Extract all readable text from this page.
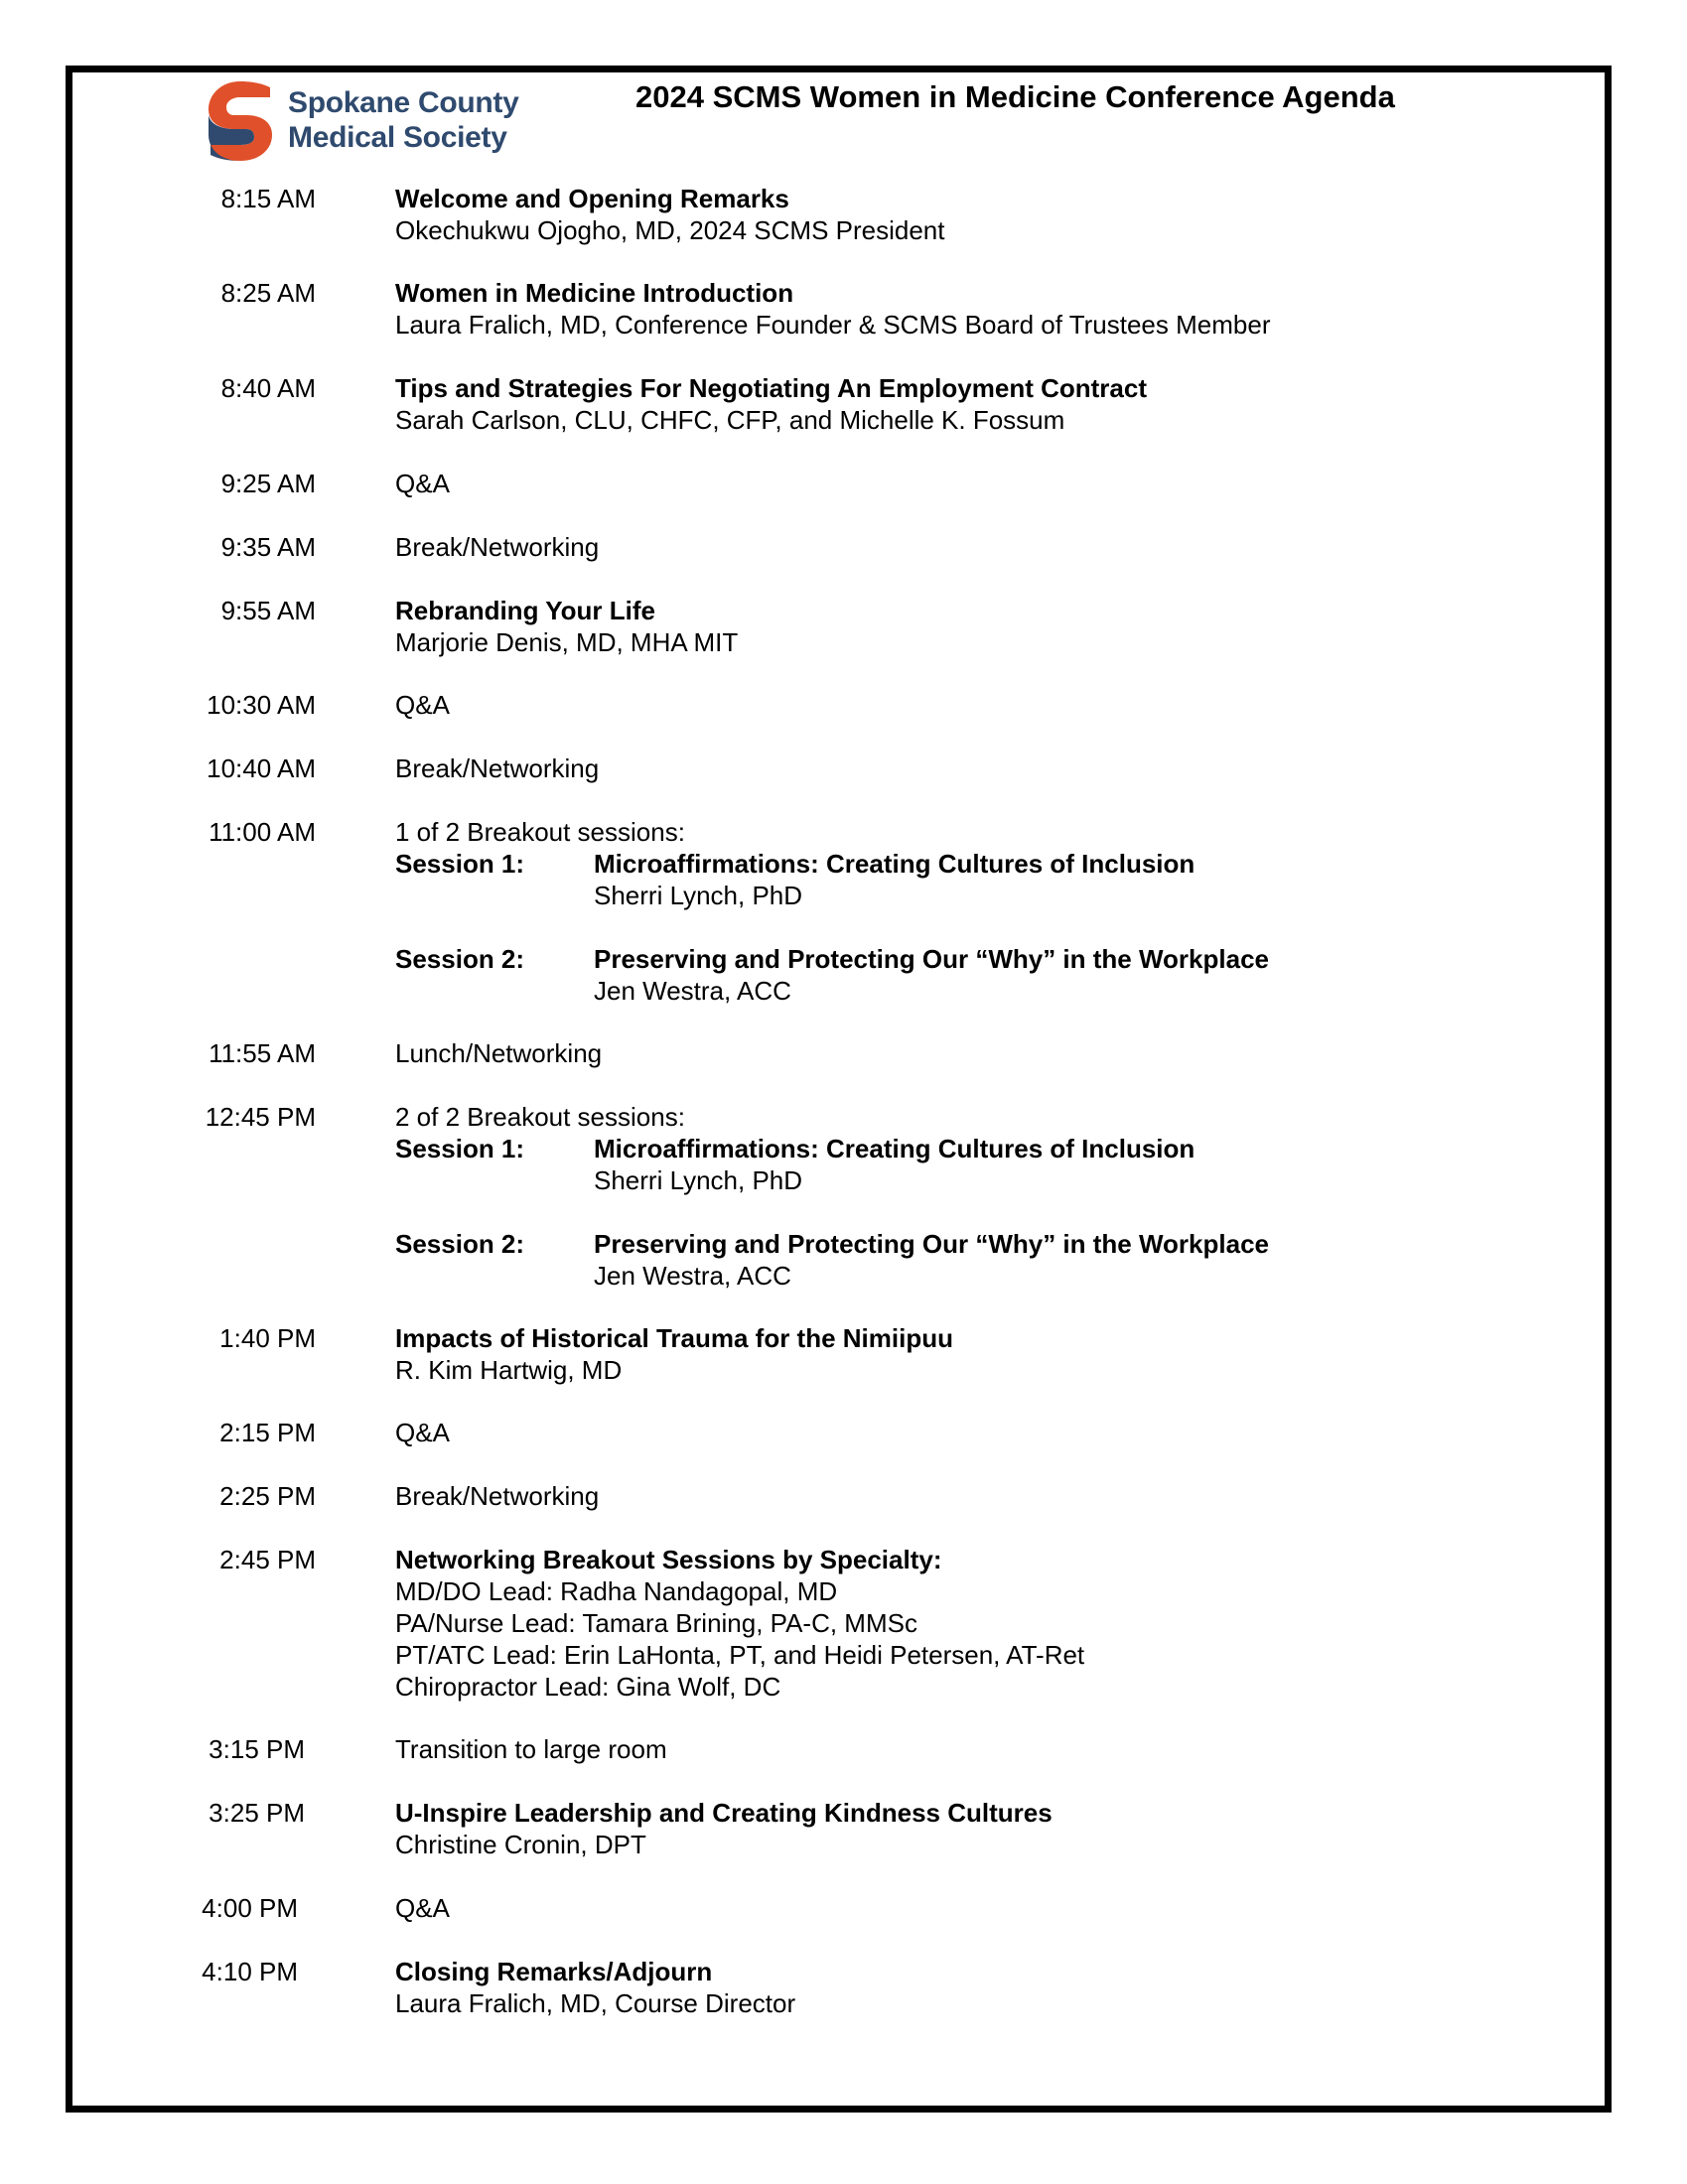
Spokane County
Medical Society
2024 SCMS Women in Medicine Conference Agenda
8:15 AM	Welcome and Opening Remarks
Okechukwu Ojogho, MD, 2024 SCMS President
8:25 AM	Women in Medicine Introduction
Laura Fralich, MD, Conference Founder & SCMS Board of Trustees Member
8:40 AM	Tips and Strategies For Negotiating An Employment Contract
Sarah Carlson, CLU, CHFC, CFP, and Michelle K. Fossum
9:25 AM	Q&A
9:35 AM	Break/Networking
9:55 AM	Rebranding Your Life
Marjorie Denis, MD, MHA MIT
10:30 AM	Q&A
10:40 AM	Break/Networking
11:00 AM	1 of 2 Breakout sessions:
Session 1:	Microaffirmations: Creating Cultures of Inclusion
Sherri Lynch, PhD
Session 2:	Preserving and Protecting Our “Why” in the Workplace
Jen Westra, ACC
11:55 AM	Lunch/Networking
12:45 PM	2 of 2 Breakout sessions:
Session 1:	Microaffirmations: Creating Cultures of Inclusion
Sherri Lynch, PhD
Session 2:	Preserving and Protecting Our “Why” in the Workplace
Jen Westra, ACC
1:40 PM	Impacts of Historical Trauma for the Nimiipuu
R. Kim Hartwig, MD
2:15 PM	Q&A
2:25 PM	Break/Networking
2:45 PM	Networking Breakout Sessions by Specialty:
MD/DO Lead: Radha Nandagopal, MD
PA/Nurse Lead: Tamara Brining, PA-C, MMSc
PT/ATC Lead: Erin LaHonta, PT, and Heidi Petersen, AT-Ret
Chiropractor Lead: Gina Wolf, DC
3:15 PM	Transition to large room
3:25 PM	U-Inspire Leadership and Creating Kindness Cultures
Christine Cronin, DPT
4:00 PM	Q&A
4:10 PM	Closing Remarks/Adjourn
Laura Fralich, MD, Course Director
